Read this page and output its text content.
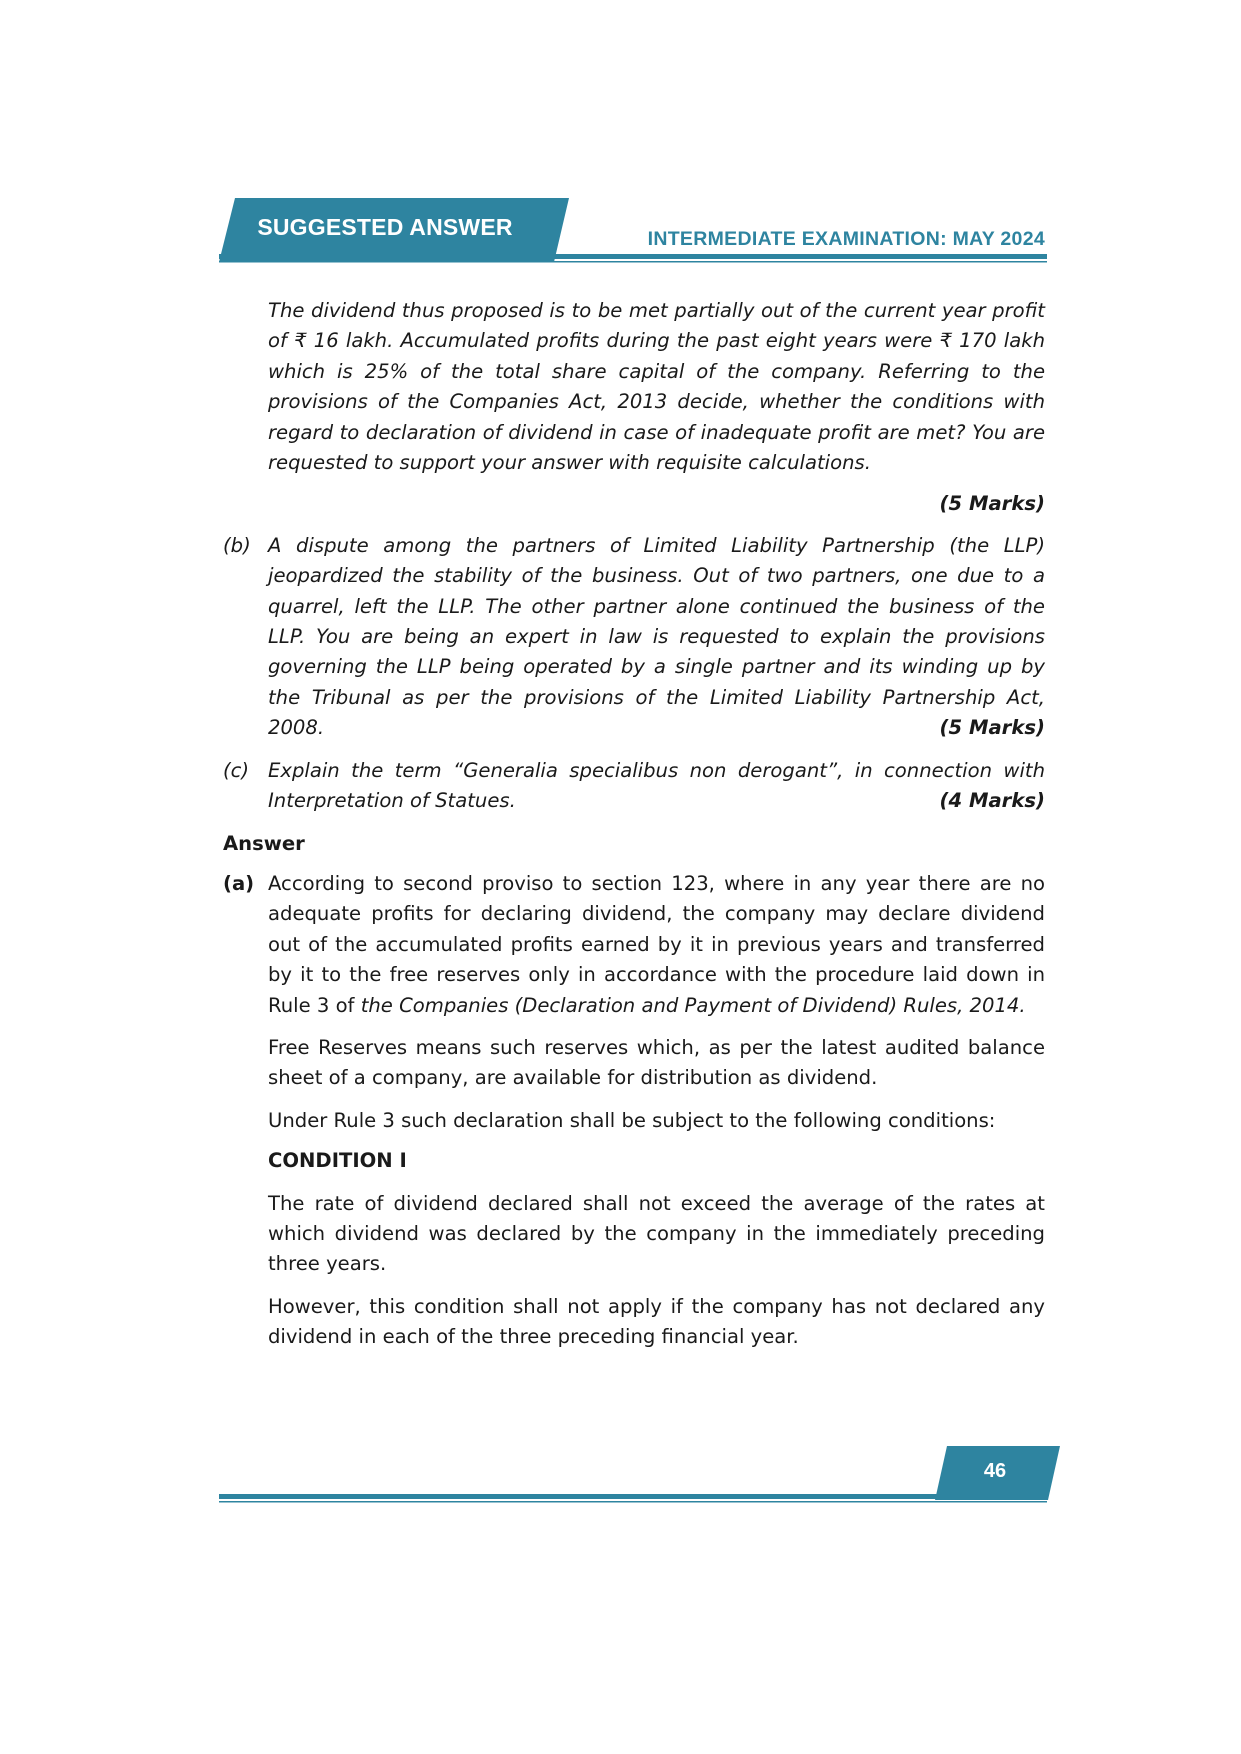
SUGGESTED ANSWER	INTERMEDIATE EXAMINATION: MAY 2024

The dividend thus proposed is to be met partially out of the current year profit of ₹ 16 lakh. Accumulated profits during the past eight years were ₹ 170 lakh which is 25% of the total share capital of the company. Referring to the provisions of the Companies Act, 2013 decide, whether the conditions with regard to declaration of dividend in case of inadequate profit are met? You are requested to support your answer with requisite calculations.

(5 Marks)
(b) A dispute among the partners of Limited Liability Partnership (the LLP) jeopardized the stability of the business. Out of two partners, one due to a quarrel, left the LLP. The other partner alone continued the business of the LLP. You are being an expert in law is requested to explain the provisions governing the LLP being operated by a single partner and its winding up by the Tribunal as per the provisions of the Limited Liability Partnership Act, 2008.	(5 Marks)

(c) Explain the term “Generalia specialibus non derogant”, in connection with Interpretation of Statues.	(4 Marks)

Answer
(a) According to second proviso to section 123, where in any year there are no adequate profits for declaring dividend, the company may declare dividend out of the accumulated profits earned by it in previous years and transferred by it to the free reserves only in accordance with the procedure laid down in Rule 3 of the Companies (Declaration and Payment of Dividend) Rules, 2014.

Free Reserves means such reserves which, as per the latest audited balance sheet of a company, are available for distribution as dividend.

Under Rule 3 such declaration shall be subject to the following conditions:

CONDITION I

The rate of dividend declared shall not exceed the average of the rates at which dividend was declared by the company in the immediately preceding three years.

However, this condition shall not apply if the company has not declared any dividend in each of the three preceding financial year.

46
